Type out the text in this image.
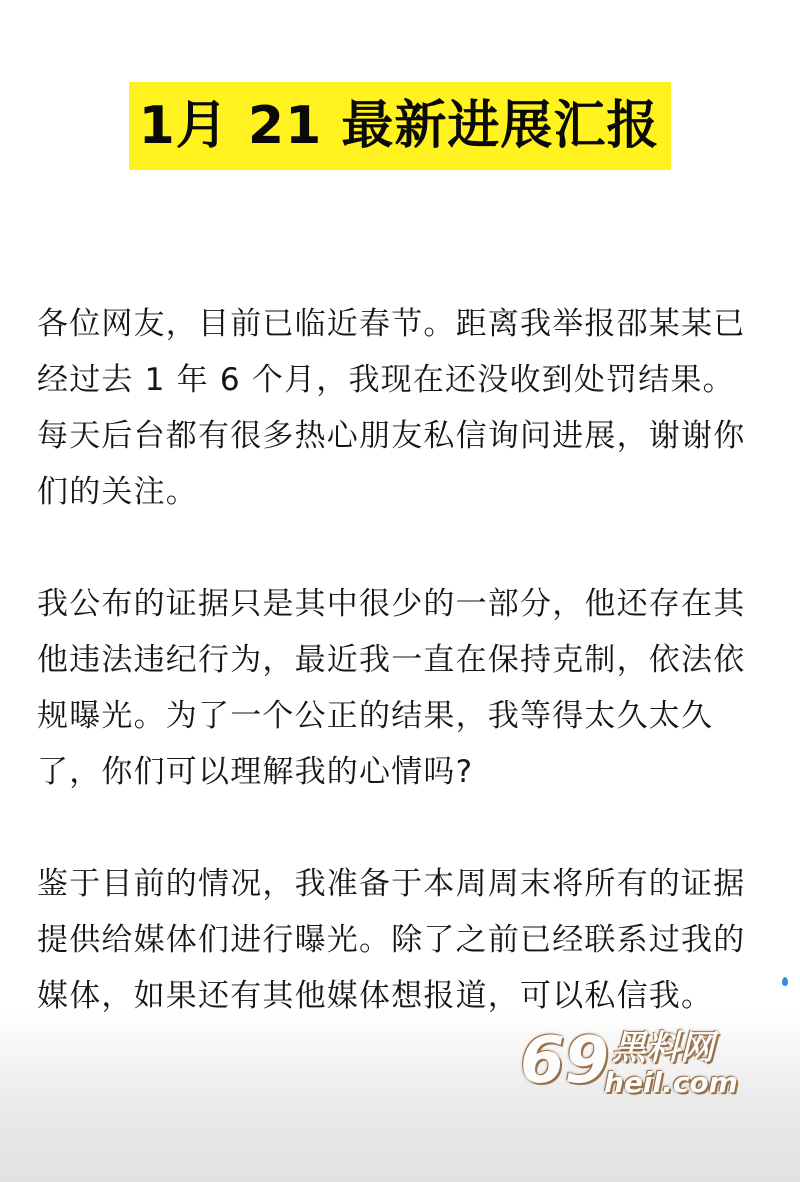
1月 21 最新进展汇报

各位网友，目前已临近春节。距离我举报邵某某已经过去 1 年 6 个月，我现在还没收到处罚结果。每天后台都有很多热心朋友私信询问进展，谢谢你们的关注。

我公布的证据只是其中很少的一部分，他还存在其他违法违纪行为，最近我一直在保持克制，依法依规曝光。为了一个公正的结果，我等得太久太久了，你们可以理解我的心情吗?

鉴于目前的情况，我准备于本周周末将所有的证据提供给媒体们进行曝光。除了之前已经联系过我的媒体，如果还有其他媒体想报道，可以私信我。

69 黑料网
heil.com
